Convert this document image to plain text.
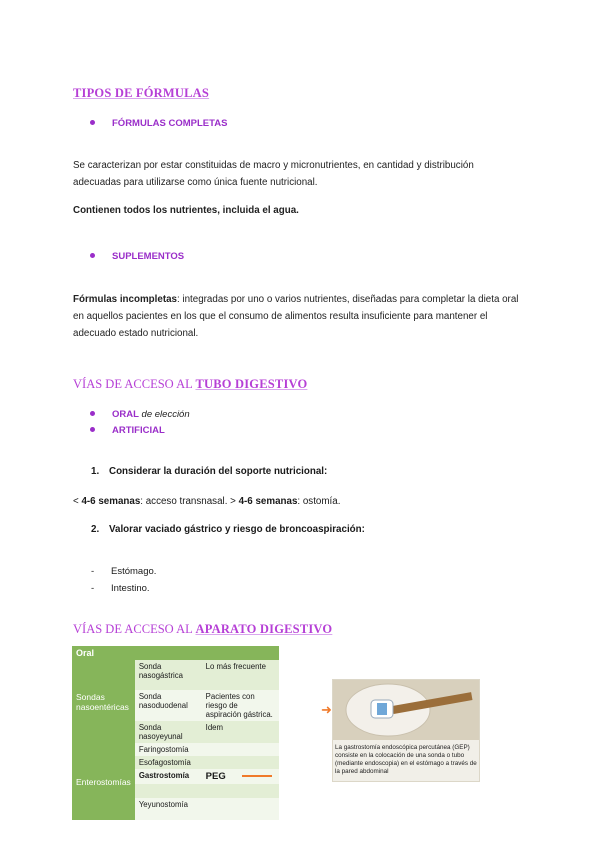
TIPOS DE FÓRMULAS
FÓRMULAS COMPLETAS
Se caracterizan por estar constituidas de macro y micronutrientes, en cantidad y distribución
adecuadas para utilizarse como única fuente nutricional.
Contienen todos los nutrientes, incluida el agua.
SUPLEMENTOS
Fórmulas incompletas: integradas por uno o varios nutrientes, diseñadas para completar la dieta oral
en aquellos pacientes en los que el consumo de alimentos resulta insuficiente para mantener el
adecuado estado nutricional.
VÍAS DE ACCESO AL TUBO DIGESTIVO
ORAL de elección
ARTIFICIAL
1. Considerar la duración del soporte nutricional:
< 4-6 semanas: acceso transnasal. > 4-6 semanas: ostomía.
2. Valorar vaciado gástrico y riesgo de broncoaspiración:
- Estómago.
- Intestino.
VÍAS DE ACCESO AL APARATO DIGESTIVO
Oral		
Sondas nasoentéricas	Sonda nasogástrica	Lo más frecuente
	Sonda nasoduodenal	Pacientes con riesgo de aspiración gástrica.
	Sonda nasoyeyunal	Idem
Enterostomías	Faringostomía	
	Esofagostomía	
	Gastrostomía	PEG

	Yeyunostomía	
➜
La gastrostomía endoscópica percutánea (GEP) consiste en la colocación de una sonda o tubo (mediante endoscopia) en el estómago a través de la pared abdominal
